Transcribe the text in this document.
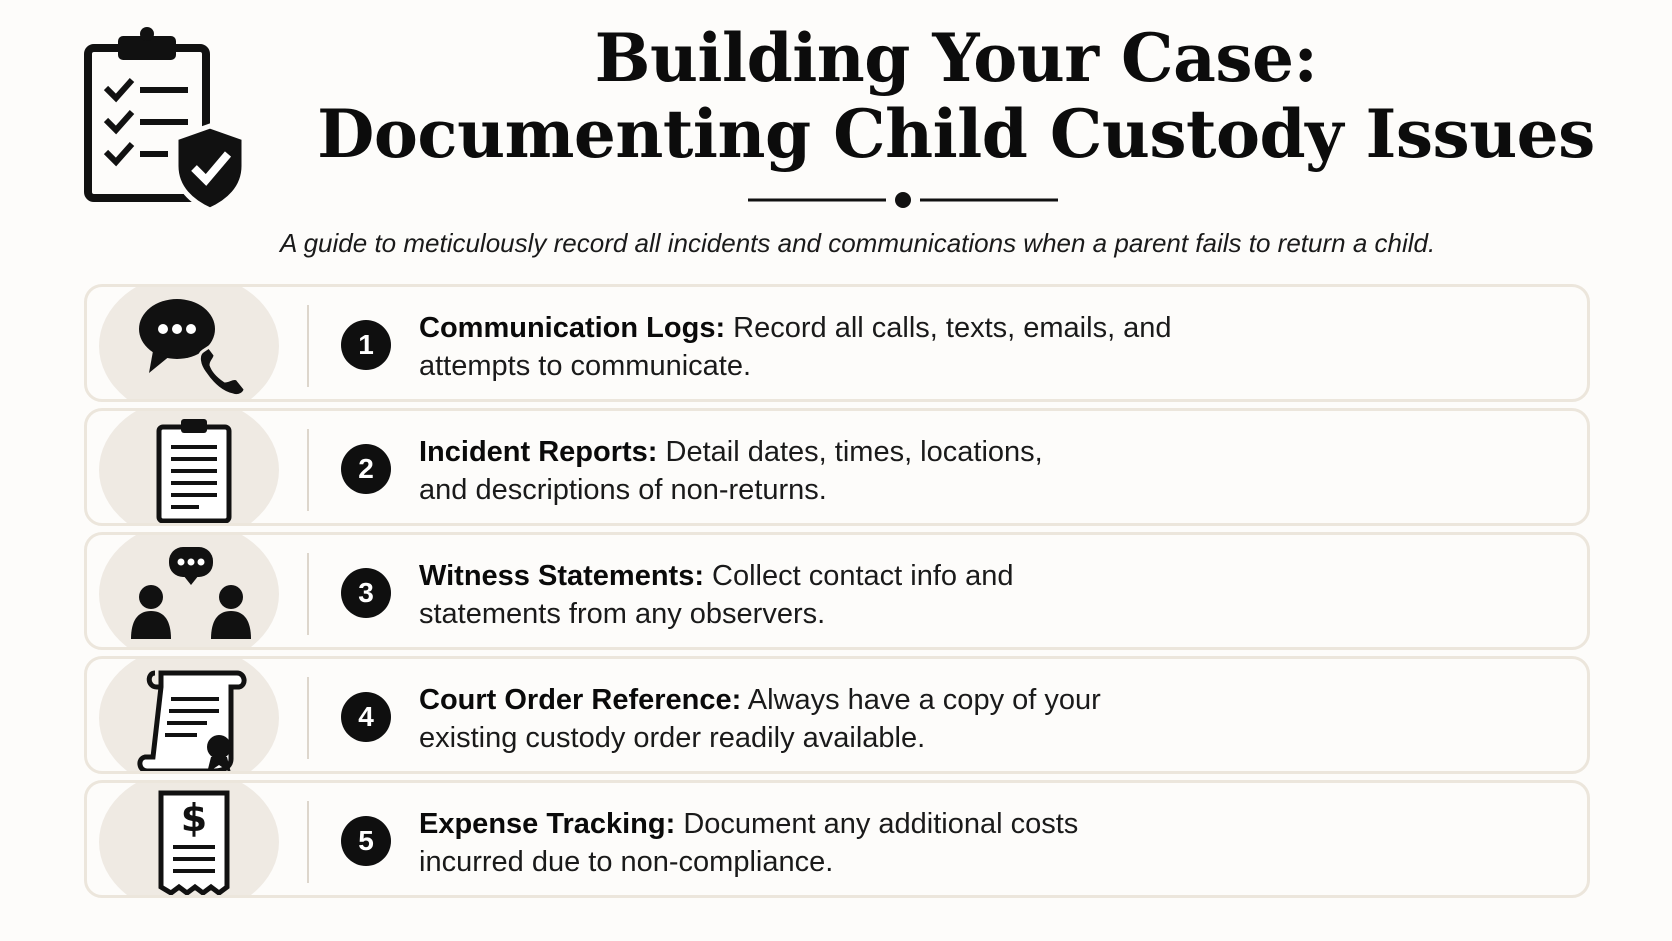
Building Your Case:
Documenting Child Custody Issues
A guide to meticulously record all incidents and communications when a parent fails to return a child.
1
Communication Logs: Record all calls, texts, emails, and
attempts to communicate.
2
Incident Reports: Detail dates, times, locations,
and descriptions of non-returns.
3
Witness Statements: Collect contact info and
statements from any observers.
4
Court Order Reference: Always have a copy of your
existing custody order readily available.
$
5
Expense Tracking: Document any additional costs
incurred due to non-compliance.
